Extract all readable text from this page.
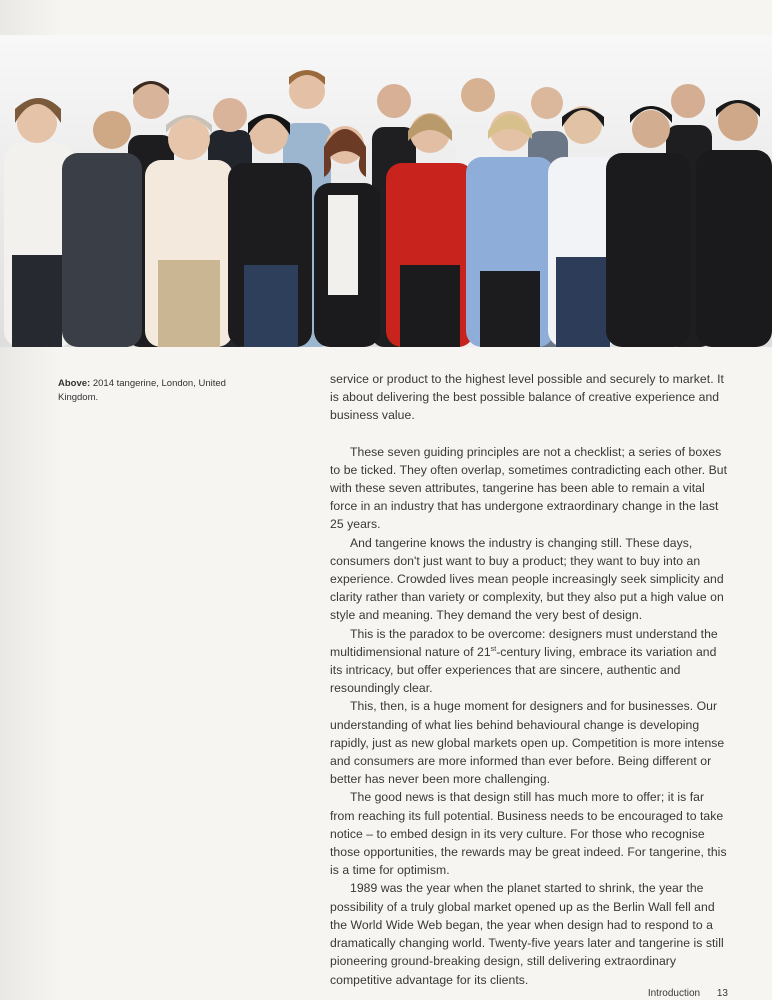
Above: 2014 tangerine, London, United Kingdom.

service or product to the highest level possible and securely to market. It is about delivering the best possible balance of creative experience and business value.

These seven guiding principles are not a checklist; a series of boxes to be ticked. They often overlap, sometimes contradicting each other. But with these seven attributes, tangerine has been able to remain a vital force in an industry that has undergone extraordinary change in the last 25 years.

And tangerine knows the industry is changing still. These days, consumers don't just want to buy a product; they want to buy into an experience. Crowded lives mean people increasingly seek simplicity and clarity rather than variety or complexity, but they also put a high value on style and meaning. They demand the very best of design.

This is the paradox to be overcome: designers must understand the multidimensional nature of 21st-century living, embrace its variation and its intricacy, but offer experiences that are sincere, authentic and resoundingly clear.

This, then, is a huge moment for designers and for businesses. Our understanding of what lies behind behavioural change is developing rapidly, just as new global markets open up. Competition is more intense and consumers are more informed than ever before. Being different or better has never been more challenging.

The good news is that design still has much more to offer; it is far from reaching its full potential. Business needs to be encouraged to take notice – to embed design in its very culture. For those who recognise those opportunities, the rewards may be great indeed. For tangerine, this is a time for optimism.

1989 was the year when the planet started to shrink, the year the possibility of a truly global market opened up as the Berlin Wall fell and the World Wide Web began, the year when design had to respond to a dramatically changing world. Twenty-five years later and tangerine is still pioneering ground-breaking design, still delivering extraordinary competitive advantage for its clients.

Introduction 13
